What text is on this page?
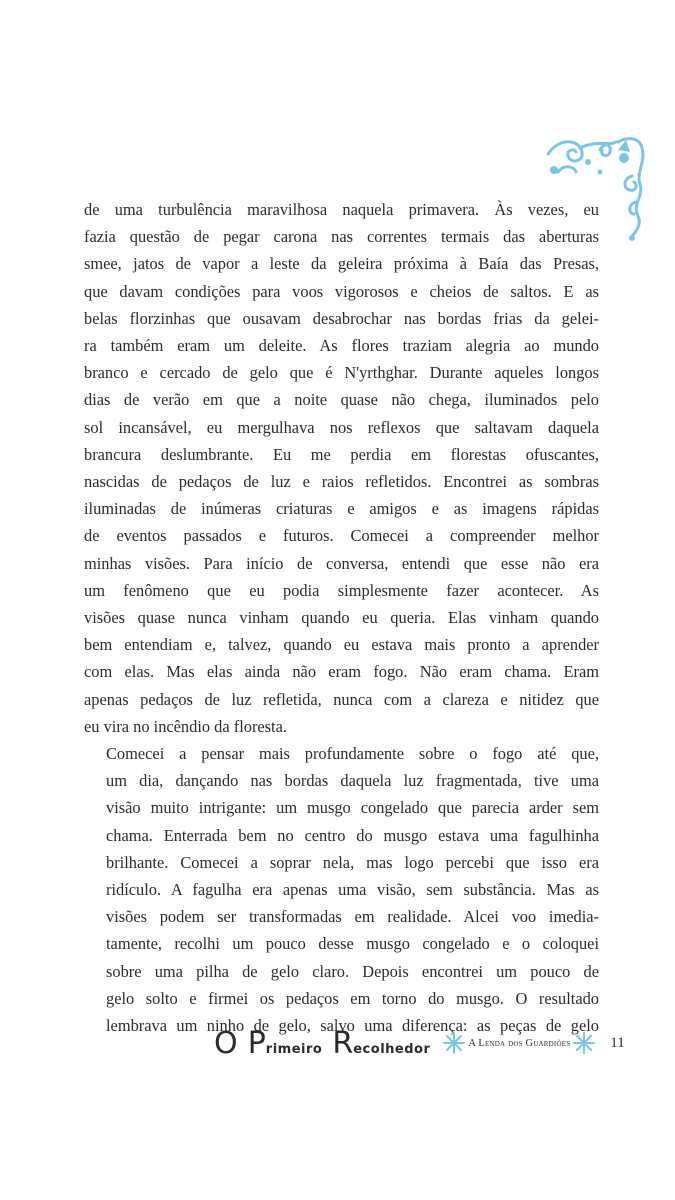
de uma turbulência maravilhosa naquela primavera. Às vezes, eu
fazia questão de pegar carona nas correntes termais das aberturas
smee, jatos de vapor a leste da geleira próxima à Baía das Presas,
que davam condições para voos vigorosos e cheios de saltos. E as
belas florzinhas que ousavam desabrochar nas bordas frias da gelei-
ra também eram um deleite. As flores traziam alegria ao mundo
branco e cercado de gelo que é N'yrthghar. Durante aqueles longos
dias de verão em que a noite quase não chega, iluminados pelo
sol incansável, eu mergulhava nos reflexos que saltavam daquela
brancura deslumbrante. Eu me perdia em florestas ofuscantes,
nascidas de pedaços de luz e raios refletidos. Encontrei as sombras
iluminadas de inúmeras criaturas e amigos e as imagens rápidas
de eventos passados e futuros. Comecei a compreender melhor
minhas visões. Para início de conversa, entendi que esse não era
um fenômeno que eu podia simplesmente fazer acontecer. As
visões quase nunca vinham quando eu queria. Elas vinham quando
bem entendiam e, talvez, quando eu estava mais pronto a aprender
com elas. Mas elas ainda não eram fogo. Não eram chama. Eram
apenas pedaços de luz refletida, nunca com a clareza e nitidez que
eu vira no incêndio da floresta.

Comecei a pensar mais profundamente sobre o fogo até que,
um dia, dançando nas bordas daquela luz fragmentada, tive uma
visão muito intrigante: um musgo congelado que parecia arder sem
chama. Enterrada bem no centro do musgo estava uma fagulhinha
brilhante. Comecei a soprar nela, mas logo percebi que isso era
ridículo. A fagulha era apenas uma visão, sem substância. Mas as
visões podem ser transformadas em realidade. Alcei voo imedia-
tamente, recolhi um pouco desse musgo congelado e o coloquei
sobre uma pilha de gelo claro. Depois encontrei um pouco de
gelo solto e firmei os pedaços em torno do musgo. O resultado
lembrava um ninho de gelo, salvo uma diferença: as peças de gelo

O Primeiro Recolhedor	A Lenda dos Guardiões	11
